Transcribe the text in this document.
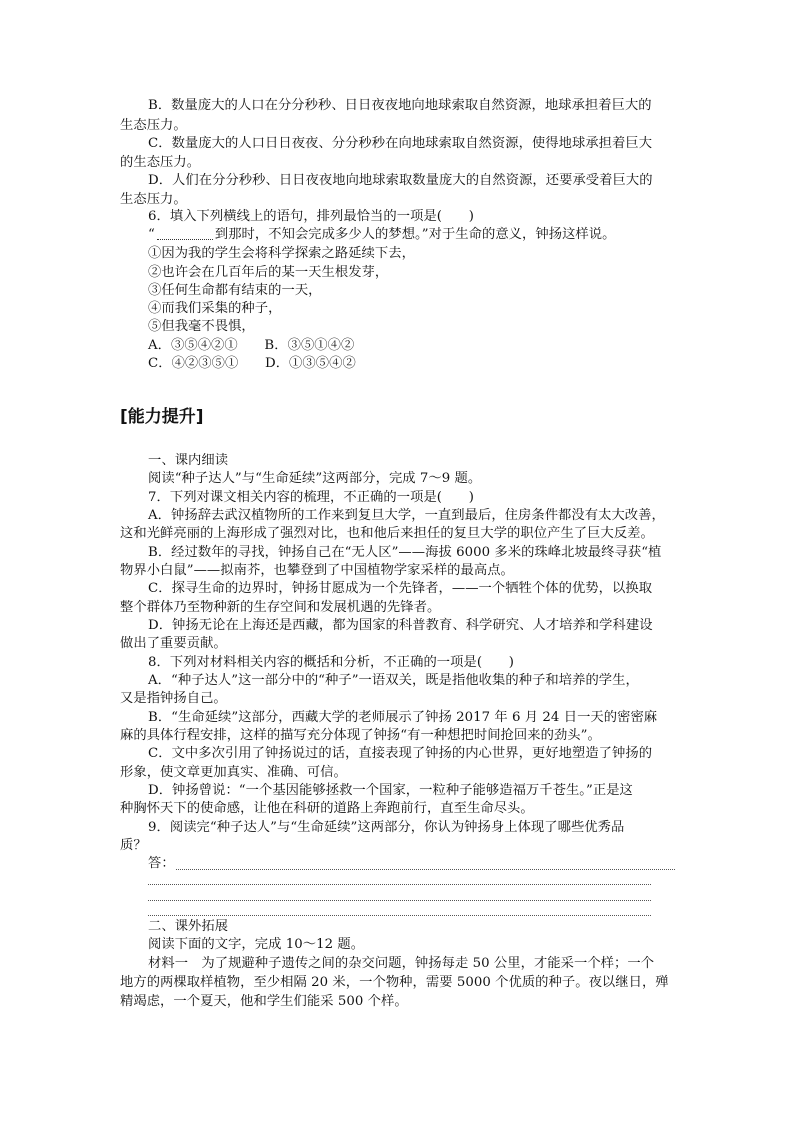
B．数量庞大的人口在分分秒秒、日日夜夜地向地球索取自然资源，地球承担着巨大的
生态压力。
C．数量庞大的人口日日夜夜、分分秒秒在向地球索取自然资源，使得地球承担着巨大
的生态压力。
D．人们在分分秒秒、日日夜夜地向地球索取数量庞大的自然资源，还要承受着巨大的
生态压力。
6．填入下列横线上的语句，排列最恰当的一项是(　　)
“	到那时，不知会完成多少人的梦想。”对于生命的意义，钟扬这样说。
①因为我的学生会将科学探索之路延续下去，
②也许会在几百年后的某一天生根发芽，
③任何生命都有结束的一天，
④而我们采集的种子，
⑤但我毫不畏惧，
A．③⑤④②①　　B．③⑤①④②
C．④②③⑤①　　D．①③⑤④②
[能力提升]
一、课内细读
阅读“种子达人”与“生命延续”这两部分，完成 7～9 题。
7．下列对课文相关内容的梳理，不正确的一项是(　　)
A．钟扬辞去武汉植物所的工作来到复旦大学，一直到最后，住房条件都没有太大改善，
这和光鲜亮丽的上海形成了强烈对比，也和他后来担任的复旦大学的职位产生了巨大反差。
B．经过数年的寻找，钟扬自己在“无人区”——海拔 6000 多米的珠峰北坡最终寻获“植
物界小白鼠”——拟南芥，也攀登到了中国植物学家采样的最高点。
C．探寻生命的边界时，钟扬甘愿成为一个先锋者，——一个牺牲个体的优势，以换取
整个群体乃至物种新的生存空间和发展机遇的先锋者。
D．钟扬无论在上海还是西藏，都为国家的科普教育、科学研究、人才培养和学科建设
做出了重要贡献。
8．下列对材料相关内容的概括和分析，不正确的一项是(　　)
A．“种子达人”这一部分中的“种子”一语双关，既是指他收集的种子和培养的学生，
又是指钟扬自己。
B．“生命延续”这部分，西藏大学的老师展示了钟扬 2017 年 6 月 24 日一天的密密麻
麻的具体行程安排，这样的描写充分体现了钟扬“有一种想把时间抢回来的劲头”。
C．文中多次引用了钟扬说过的话，直接表现了钟扬的内心世界，更好地塑造了钟扬的
形象，使文章更加真实、准确、可信。
D．钟扬曾说：“一个基因能够拯救一个国家，一粒种子能够造福万千苍生。”正是这
种胸怀天下的使命感，让他在科研的道路上奔跑前行，直至生命尽头。
9．阅读完“种子达人”与“生命延续”这两部分，你认为钟扬身上体现了哪些优秀品
质？
答：
二、课外拓展
阅读下面的文字，完成 10～12 题。
材料一　为了规避种子遗传之间的杂交问题，钟扬每走 50 公里，才能采一个样；一个
地方的两棵取样植物，至少相隔 20 米，一个物种，需要 5000 个优质的种子。夜以继日，殚
精竭虑，一个夏天，他和学生们能采 500 个样。
